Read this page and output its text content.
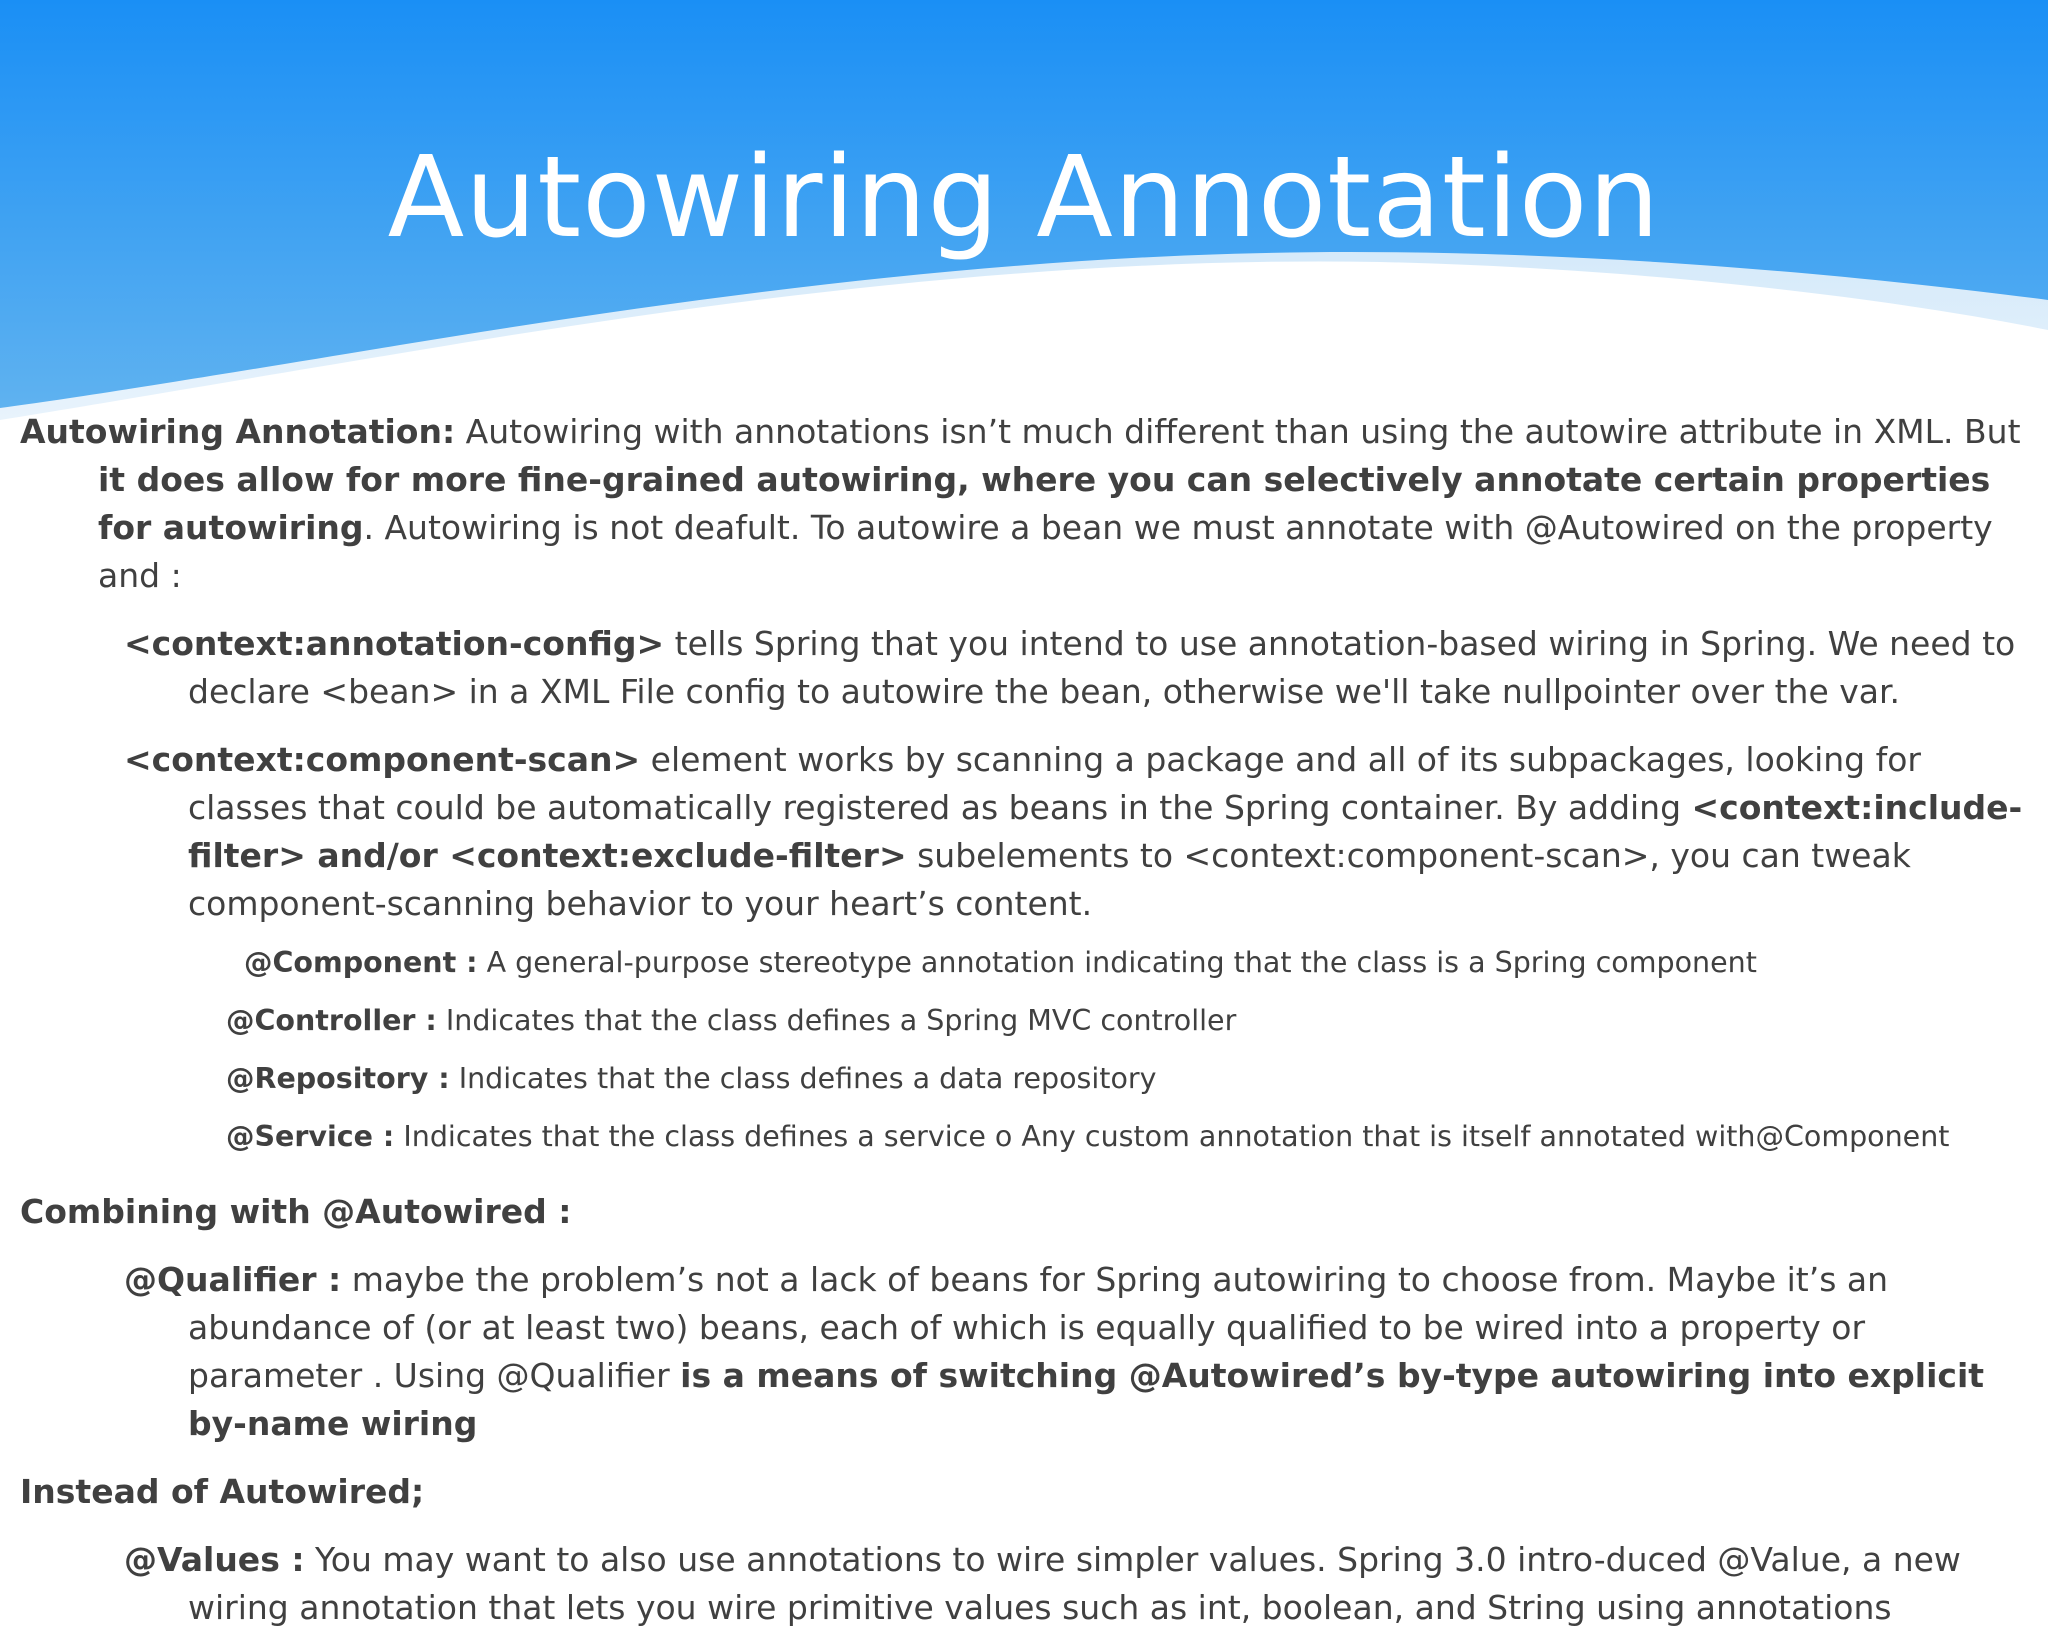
Autowiring Annotation

Autowiring Annotation: Autowiring with annotations isn’t much different than using the autowire attribute in XML. But it does allow for more fine-grained autowiring, where you can selectively annotate certain properties for autowiring. Autowiring is not deafult. To autowire a bean we must annotate with @Autowired on the property and :

<context:annotation-config> tells Spring that you intend to use annotation-based wiring in Spring. We need to declare <bean> in a XML File config to autowire the bean, otherwise we'll take nullpointer over the var.

<context:component-scan> element works by scanning a package and all of its subpackages, looking for classes that could be automatically registered as beans in the Spring container. By adding <context:include-filter> and/or <context:exclude-filter> subelements to <context:component-scan>, you can tweak component-scanning behavior to your heart’s content.

@Component : A general-purpose stereotype annotation indicating that the class is a Spring component

@Controller : Indicates that the class defines a Spring MVC controller

@Repository : Indicates that the class defines a data repository

@Service : Indicates that the class defines a service o Any custom annotation that is itself annotated with@Component

Combining with @Autowired :

@Qualifier : maybe the problem’s not a lack of beans for Spring autowiring to choose from. Maybe it’s an abundance of (or at least two) beans, each of which is equally qualified to be wired into a property or parameter . Using @Qualifier is a means of switching @Autowired’s by-type autowiring into explicit by-name wiring

Instead of Autowired;

@Values : You may want to also use annotations to wire simpler values. Spring 3.0 intro-duced @Value, a new wiring annotation that lets you wire primitive values such as int, boolean, and String using annotations
